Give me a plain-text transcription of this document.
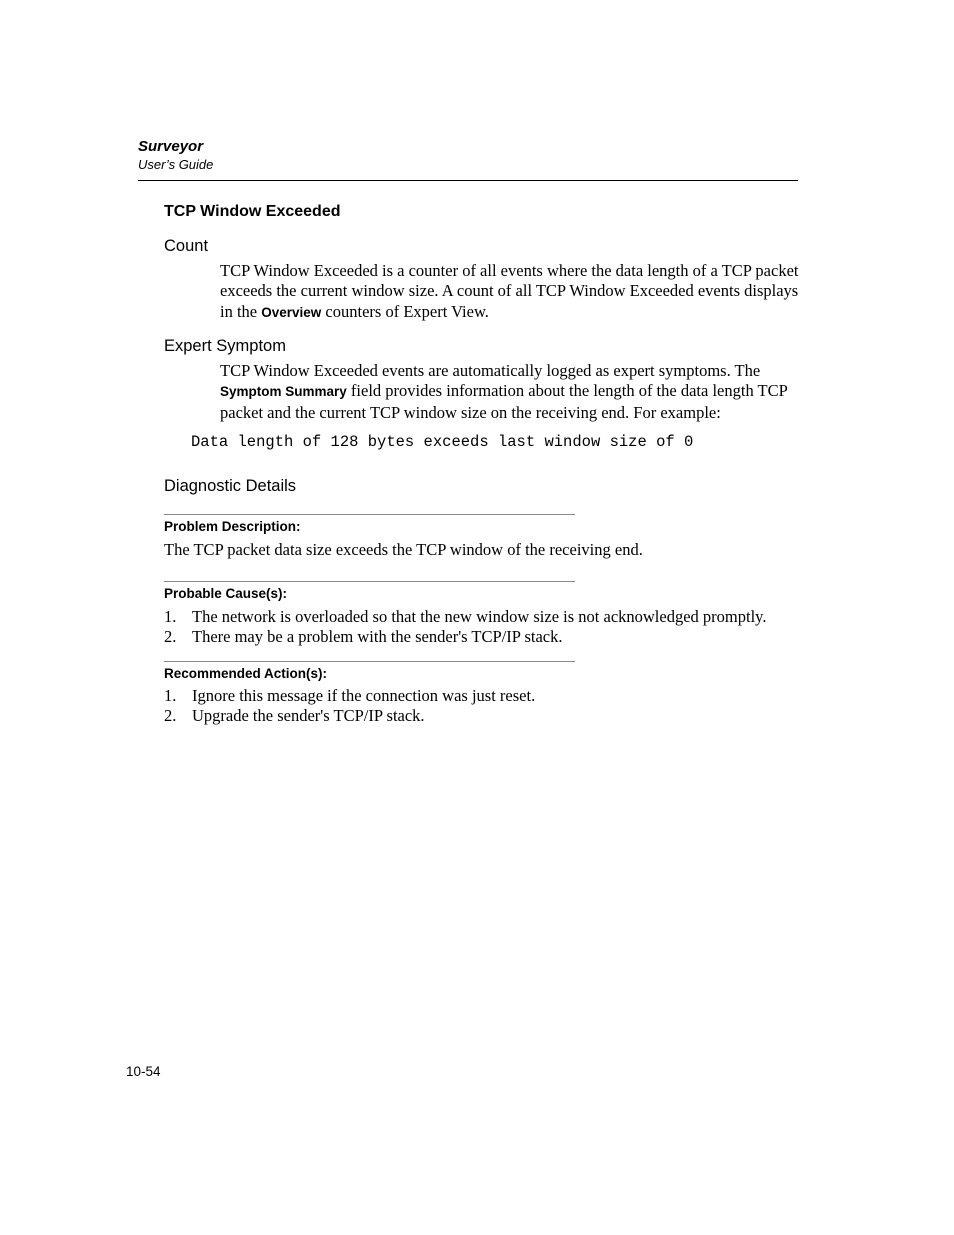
Surveyor
User’s Guide
TCP Window Exceeded
Count
TCP Window Exceeded is a counter of all events where the data length of a TCP packet exceeds the current window size. A count of all TCP Window Exceeded events displays in the Overview counters of Expert View.
Expert Symptom
TCP Window Exceeded events are automatically logged as expert symptoms. The Symptom Summary field provides information about the length of the data length TCP packet and the current TCP window size on the receiving end. For example:
Data length of 128 bytes exceeds last window size of 0
Diagnostic Details
Problem Description:
The TCP packet data size exceeds the TCP window of the receiving end.
Probable Cause(s):
1. The network is overloaded so that the new window size is not acknowledged promptly.
2. There may be a problem with the sender's TCP/IP stack.
Recommended Action(s):
1. Ignore this message if the connection was just reset.
2. Upgrade the sender's TCP/IP stack.
10-54
